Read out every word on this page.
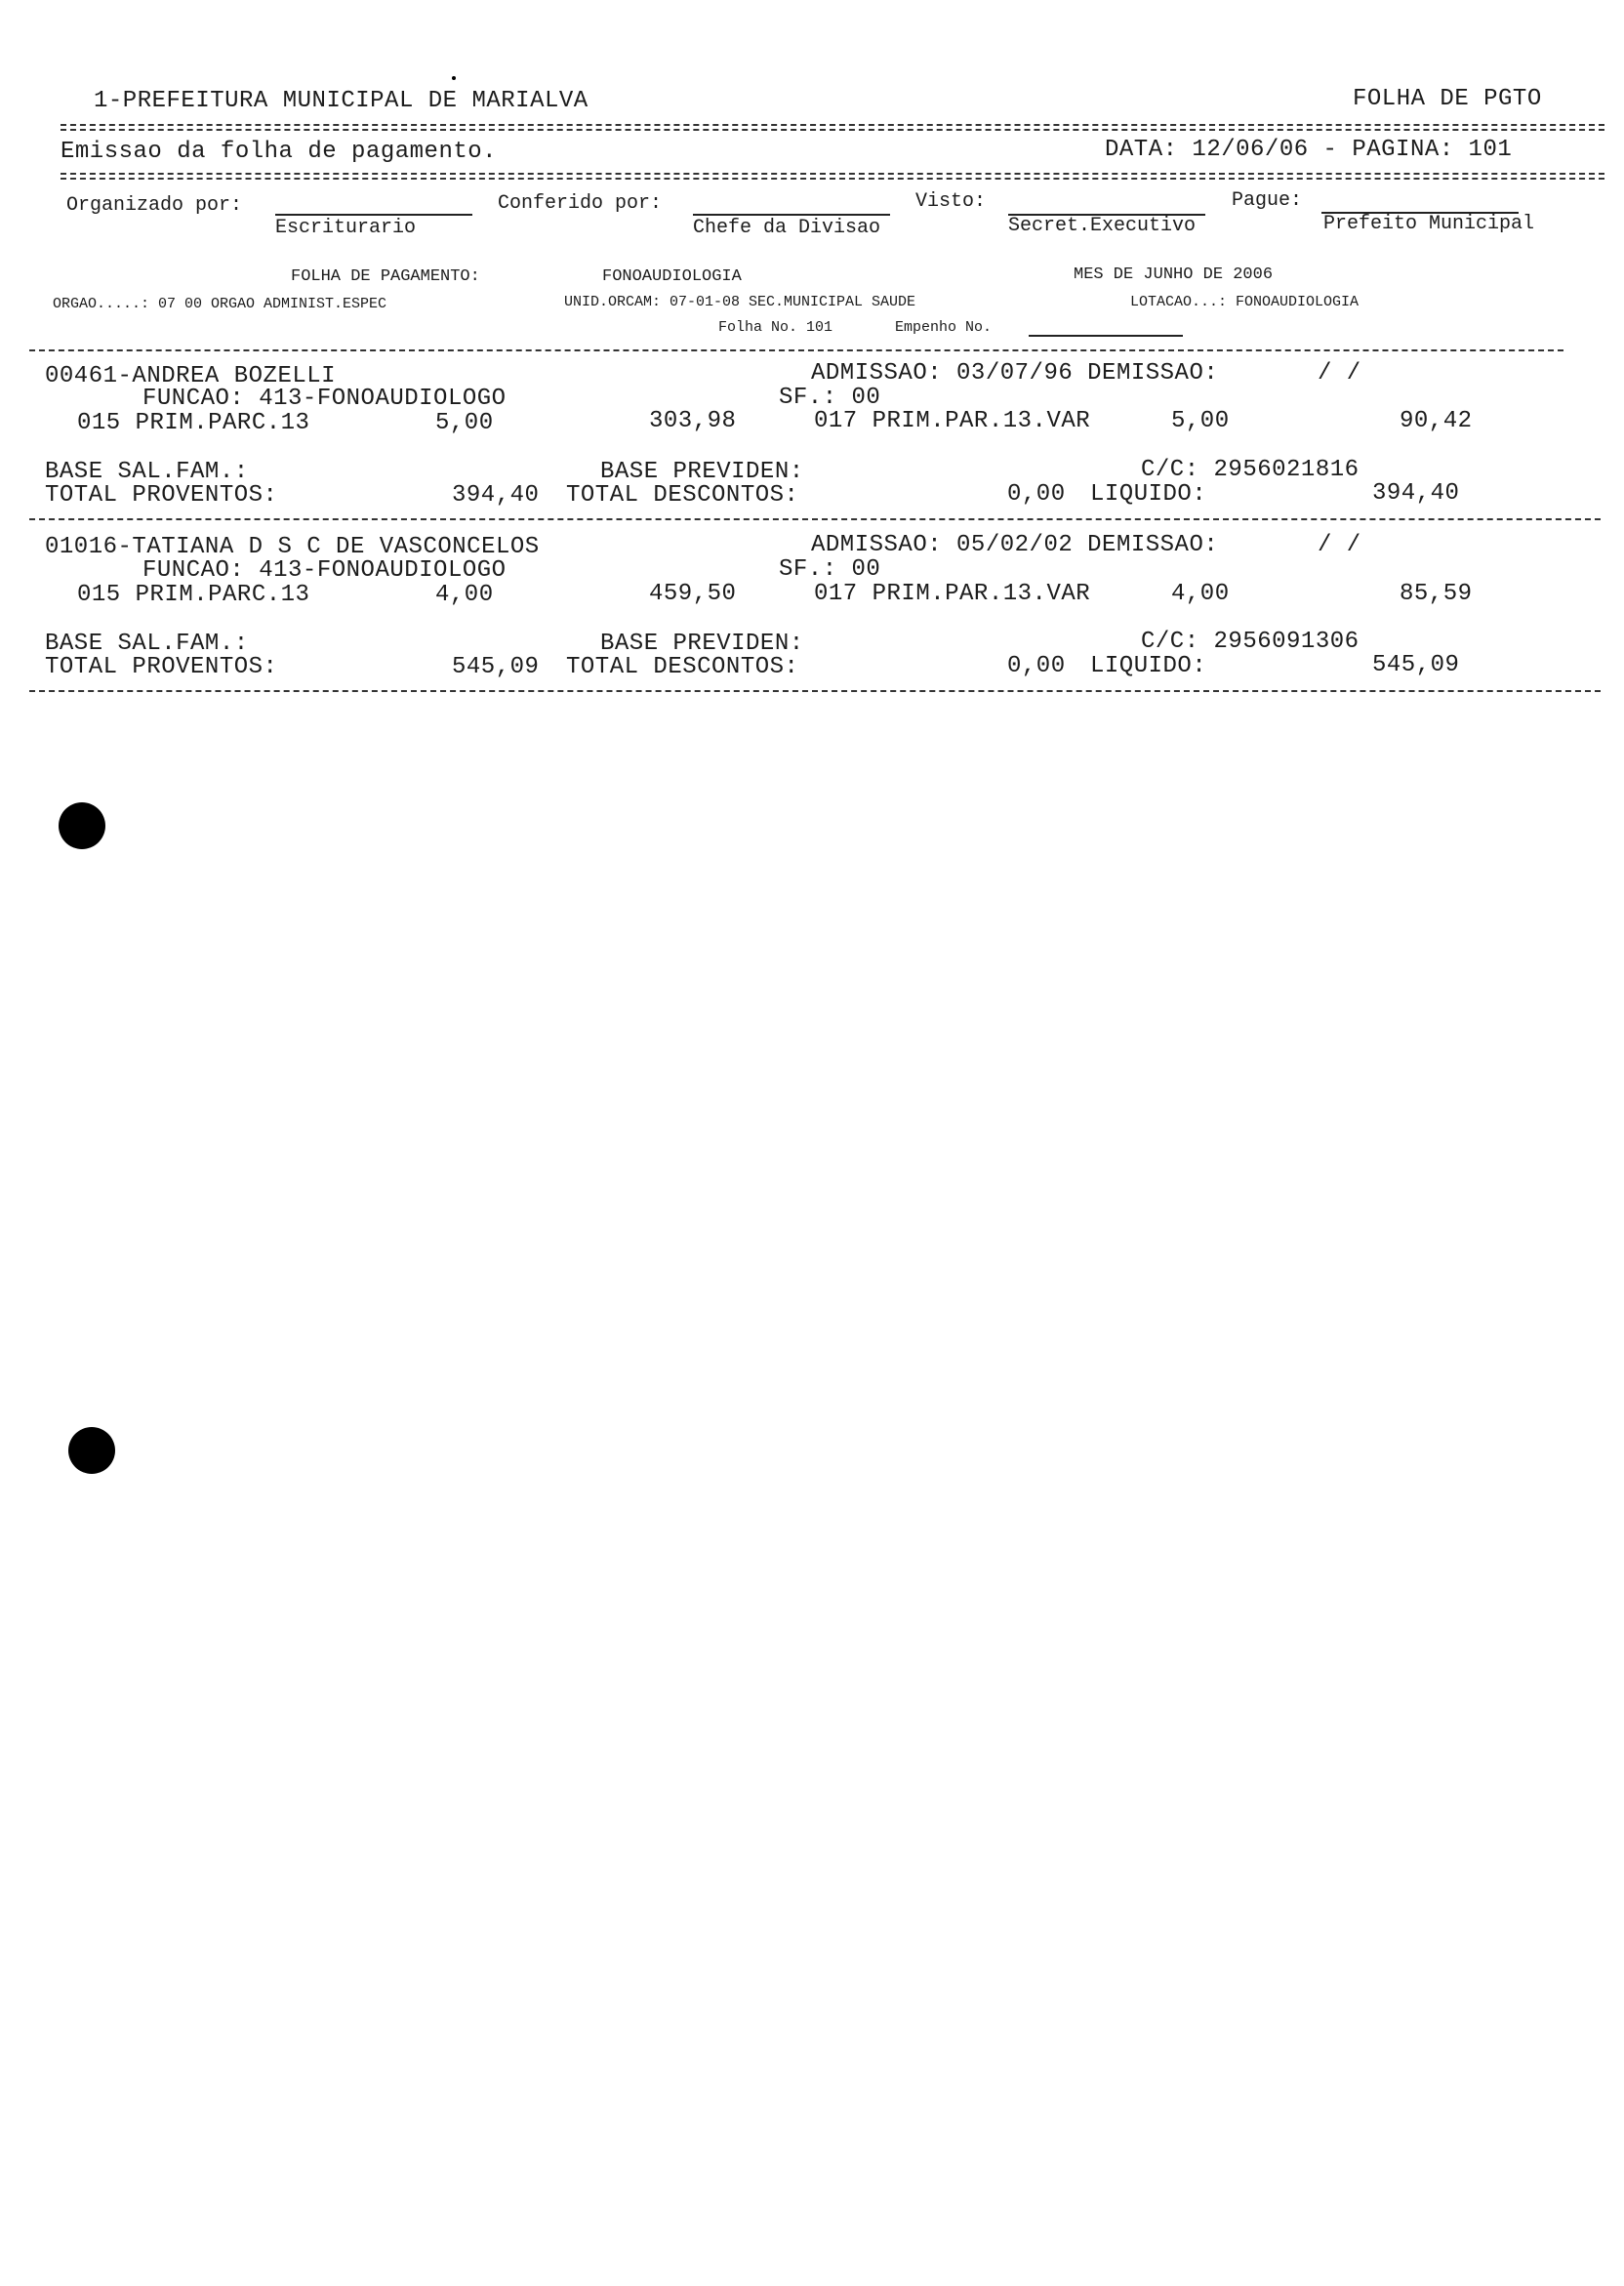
1-PREFEITURA MUNICIPAL DE MARIALVA	FOLHA DE PGTO
Emissao da folha de pagamento.	DATA: 12/06/06 - PAGINA: 101
Organizado por:	Conferido por:	Visto:	Pague:
Escriturario	Chefe da Divisao	Secret.Executivo	Prefeito Municipal
FOLHA DE PAGAMENTO:	FONOAUDIOLOGIA	MES DE JUNHO DE 2006
ORGAO.....: 07 00 ORGAO ADMINIST.ESPEC	UNID.ORCAM: 07-01-08 SEC.MUNICIPAL SAUDE	LOTACAO...: FONOAUDIOLOGIA
Folha No. 101	Empenho No.
00461-ANDREA BOZELLI	ADMISSAO: 03/07/96 DEMISSAO:	/ /
FUNCAO: 413-FONOAUDIOLOGO	SF.: 00
015 PRIM.PARC.13	5,00	303,98	017 PRIM.PAR.13.VAR	5,00	90,42
BASE SAL.FAM.:	BASE PREVIDEN:	C/C: 2956021816
TOTAL PROVENTOS:	394,40 TOTAL DESCONTOS:	0,00 LIQUIDO:	394,40
01016-TATIANA D S C DE VASCONCELOS	ADMISSAO: 05/02/02 DEMISSAO:	/ /
FUNCAO: 413-FONOAUDIOLOGO	SF.: 00
015 PRIM.PARC.13	4,00	459,50	017 PRIM.PAR.13.VAR	4,00	85,59
BASE SAL.FAM.:	BASE PREVIDEN:	C/C: 2956091306
TOTAL PROVENTOS:	545,09 TOTAL DESCONTOS:	0,00 LIQUIDO:	545,09
